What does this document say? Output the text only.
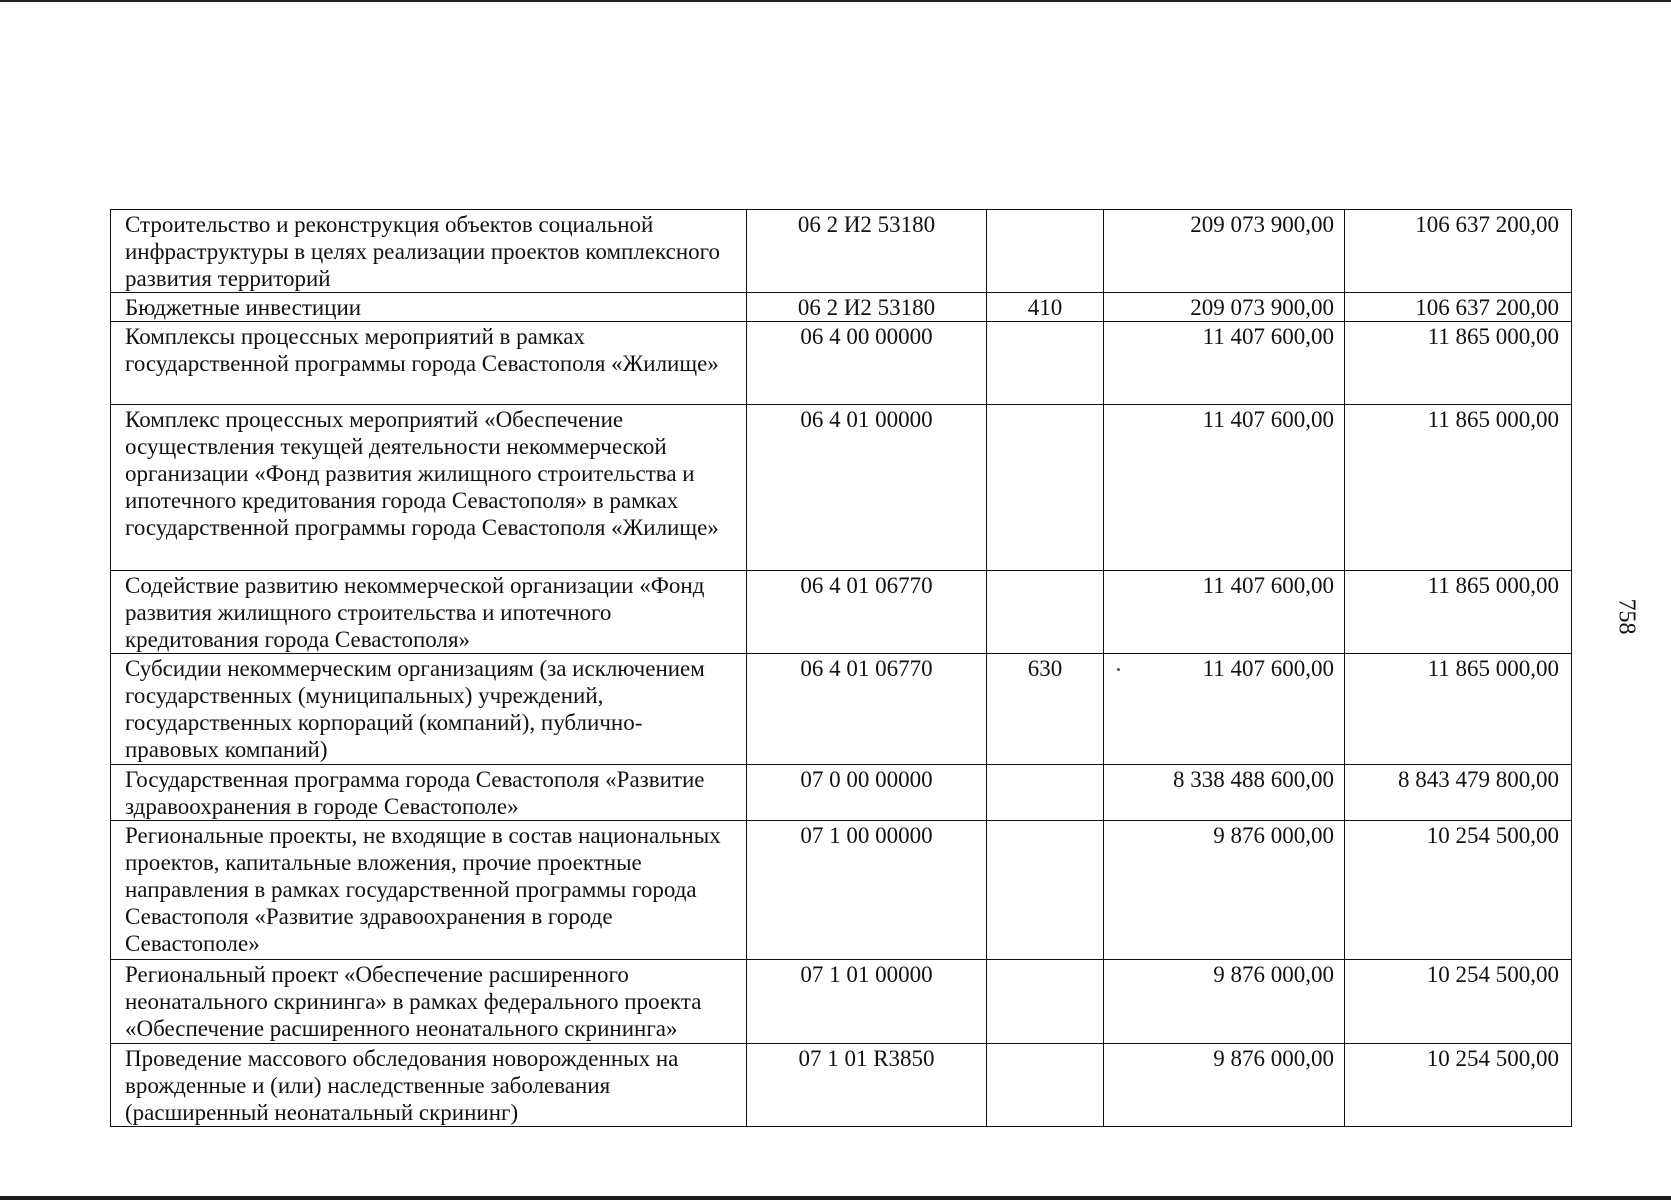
Строительство и реконструкция объектов социальной инфраструктуры в целях реализации проектов комплексного развития территорий	06 2 И2 53180		209 073 900,00	106 637 200,00
Бюджетные инвестиции	06 2 И2 53180	410	209 073 900,00	106 637 200,00
Комплексы процессных мероприятий в рамках государственной программы города Севастополя «Жилище»	06 4 00 00000		11 407 600,00	11 865 000,00
Комплекс процессных мероприятий «Обеспечение осуществления текущей деятельности некоммерческой организации «Фонд развития жилищного строительства и ипотечного кредитования города Севастополя» в рамках государственной программы города Севастополя «Жилище»	06 4 01 00000		11 407 600,00	11 865 000,00
Содействие развитию некоммерческой организации «Фонд развития жилищного строительства и ипотечного кредитования города Севастополя»	06 4 01 06770		11 407 600,00	11 865 000,00
Субсидии некоммерческим организациям (за исключением государственных (муниципальных) учреждений, государственных корпораций (компаний), публично-правовых компаний)	06 4 01 06770	630	11 407 600,00	11 865 000,00
Государственная программа города Севастополя «Развитие здравоохранения в городе Севастополе»	07 0 00 00000		8 338 488 600,00	8 843 479 800,00
Региональные проекты, не входящие в состав национальных проектов, капитальные вложения, прочие проектные направления в рамках государственной программы города Севастополя «Развитие здравоохранения в городе Севастополе»	07 1 00 00000		9 876 000,00	10 254 500,00
Региональный проект «Обеспечение расширенного неонатального скрининга» в рамках федерального проекта «Обеспечение расширенного неонатального скрининга»	07 1 01 00000		9 876 000,00	10 254 500,00
Проведение массового обследования новорожденных на врожденные и (или) наследственные заболевания (расширенный неонатальный скрининг)	07 1 01 R3850		9 876 000,00	10 254 500,00
758
